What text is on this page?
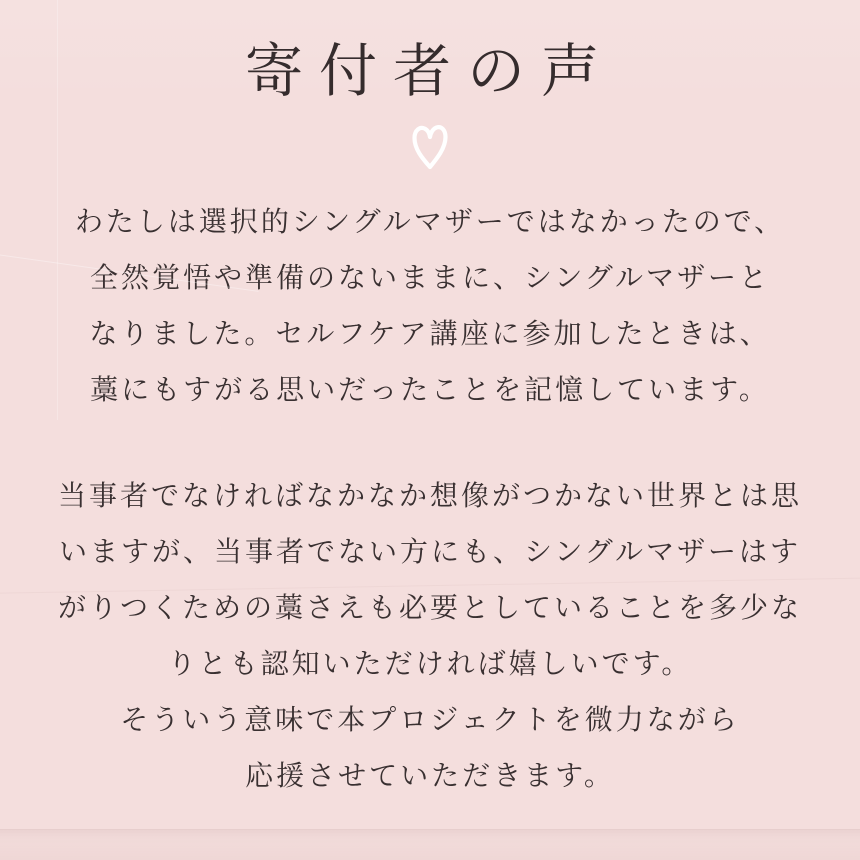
寄付者の声
わたしは選択的シングルマザーではなかったので、
全然覚悟や準備のないままに、シングルマザーと
なりました。セルフケア講座に参加したときは、
藁にもすがる思いだったことを記憶しています。
当事者でなければなかなか想像がつかない世界とは思
いますが、当事者でない方にも、シングルマザーはす
がりつくための藁さえも必要としていることを多少な
りとも認知いただければ嬉しいです。
そういう意味で本プロジェクトを微力ながら
応援させていただきます。
